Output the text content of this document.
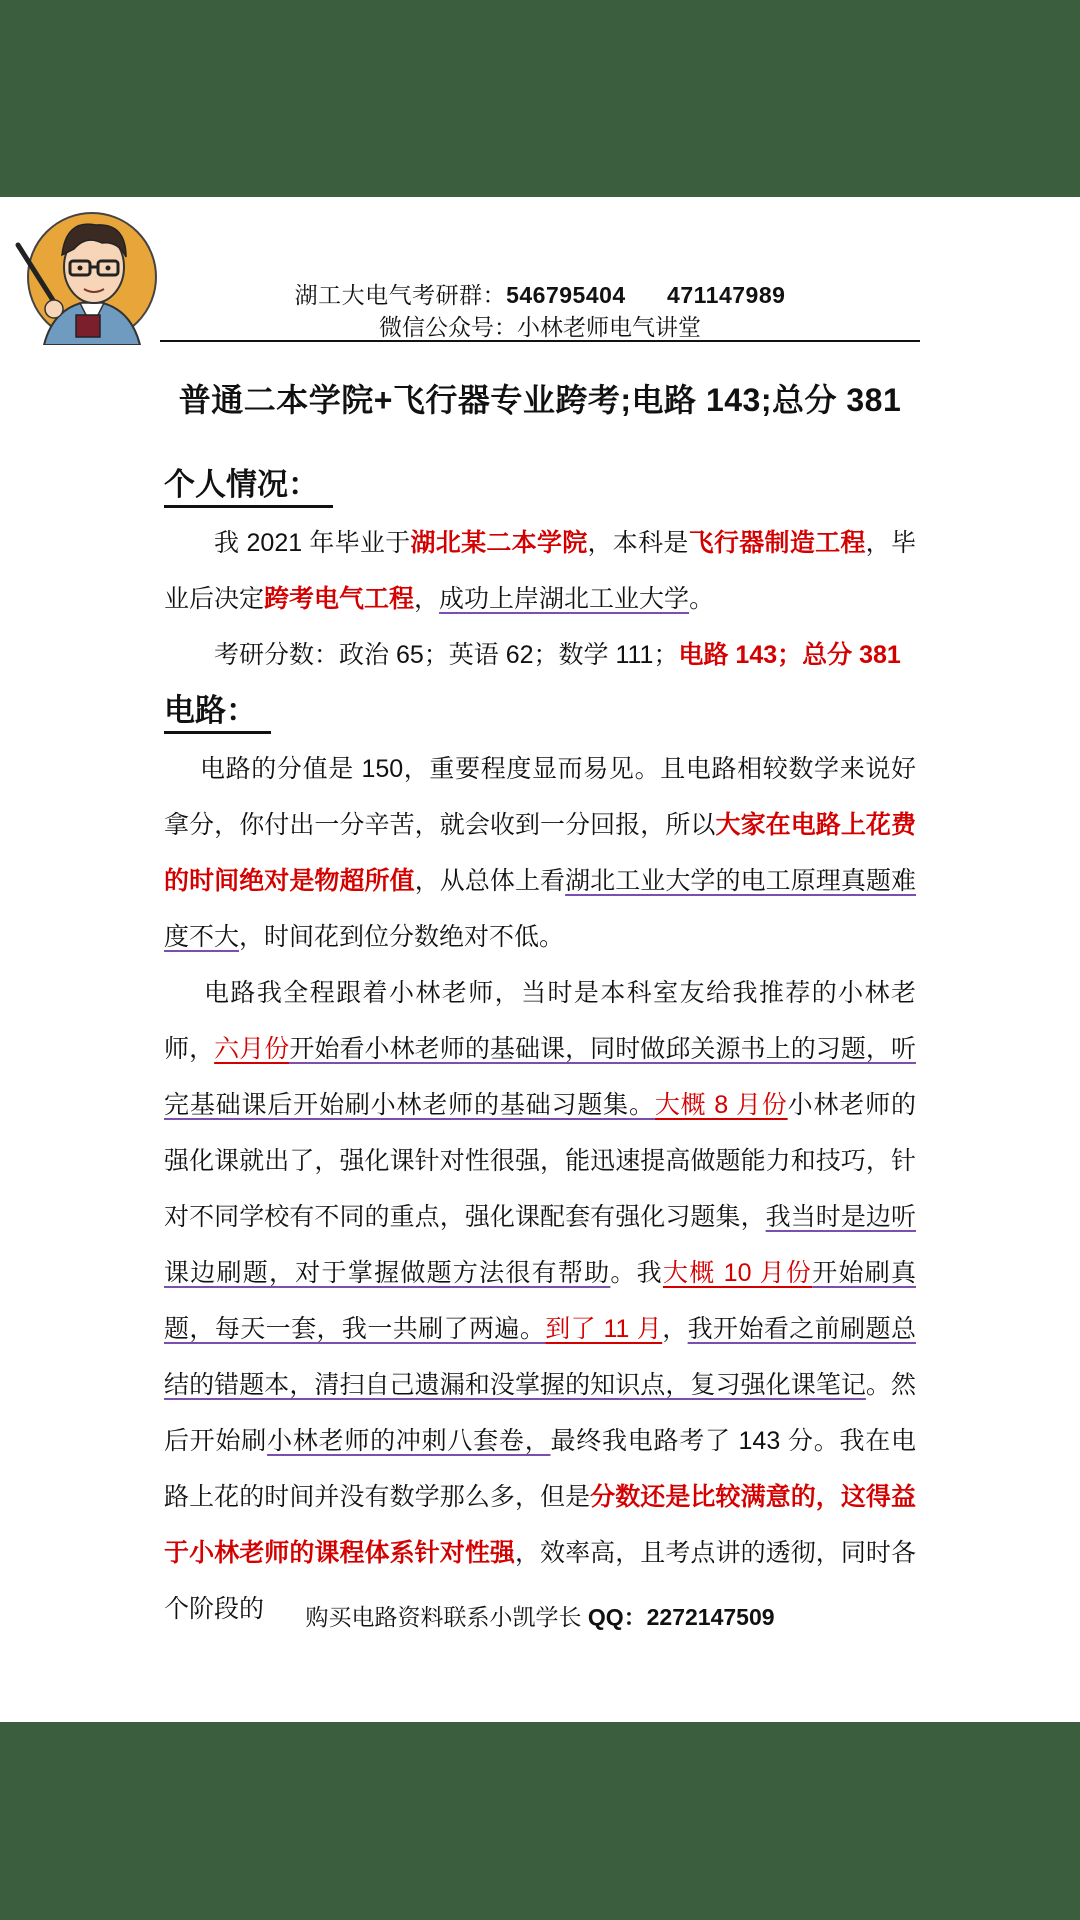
湖工大电气考研群：546795404 471147989
微信公众号：小林老师电气讲堂
普通二本学院+飞行器专业跨考;电路 143;总分 381
个人情况：
我 2021 年毕业于湖北某二本学院，本科是飞行器制造工程，毕业后决定跨考电气工程，成功上岸湖北工业大学。
考研分数：政治 65；英语 62；数学 111；电路 143；总分 381
电路：
电路的分值是 150，重要程度显而易见。且电路相较数学来说好拿分，你付出一分辛苦，就会收到一分回报，所以大家在电路上花费的时间绝对是物超所值，从总体上看湖北工业大学的电工原理真题难度不大，时间花到位分数绝对不低。
电路我全程跟着小林老师，当时是本科室友给我推荐的小林老师，六月份开始看小林老师的基础课，同时做邱关源书上的习题，听完基础课后开始刷小林老师的基础习题集。大概 8 月份小林老师的强化课就出了，强化课针对性很强，能迅速提高做题能力和技巧，针对不同学校有不同的重点，强化课配套有强化习题集，我当时是边听课边刷题，对于掌握做题方法很有帮助。我大概 10 月份开始刷真题，每天一套，我一共刷了两遍。到了 11 月，我开始看之前刷题总结的错题本，清扫自己遗漏和没掌握的知识点，复习强化课笔记。然后开始刷小林老师的冲刺八套卷，最终我电路考了 143 分。我在电路上花的时间并没有数学那么多，但是分数还是比较满意的，这得益于小林老师的课程体系针对性强，效率高，且考点讲的透彻，同时各个阶段的	购买电路资料联系小凯学长 QQ：2272147509
